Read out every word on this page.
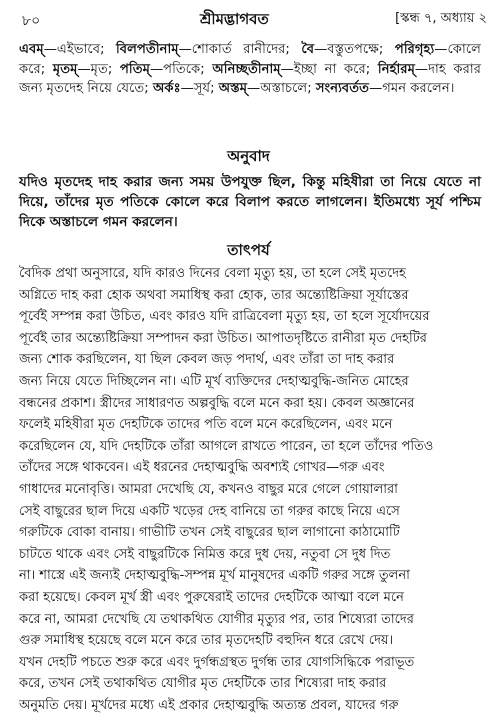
৮০	শ্রীমদ্ভাগবত	[স্কন্ধ ৭, অধ্যায় ২

এবম্—এইভাবে; বিলপতীনাম্—শোকার্ত রানীদের; বৈ—বস্তুতপক্ষে; পরিগৃহ্য—কোলে করে; মৃতম্—মৃত; পতিম্—পতিকে; অনিচ্ছতীনাম্—ইচ্ছা না করে; নির্হারম্—দাহ করার জন্য মৃতদেহ নিয়ে যেতে; অর্কঃ—সূর্য; অস্তম্—অস্তাচলে; সংন্যবর্তত—গমন করলেন।

অনুবাদ

যদিও মৃতদেহ দাহ করার জন্য সময় উপযুক্ত ছিল, কিন্তু মহিষীরা তা নিয়ে যেতে না দিয়ে, তাঁদের মৃত পতিকে কোলে করে বিলাপ করতে লাগলেন। ইতিমধ্যে সূর্য পশ্চিম দিকে অস্তাচলে গমন করলেন।

তাৎপর্য
বৈদিক প্রথা অনুসারে, যদি কারও দিনের বেলা মৃত্যু হয়, তা হলে সেই মৃতদেহ
অগ্নিতে দাহ করা হোক অথবা সমাধিস্থ করা হোক, তার অন্ত্যেষ্টিক্রিয়া সূর্যাস্তের
পূর্বেই সম্পন্ন করা উচিত, এবং কারও যদি রাত্রিবেলা মৃত্যু হয়, তা হলে সূর্যোদয়ের
পূর্বেই তার অন্ত্যেষ্টিক্রিয়া সম্পাদন করা উচিত। আপাতদৃষ্টিতে রানীরা মৃত দেহটির
জন্য শোক করছিলেন, যা ছিল কেবল জড় পদার্থ, এবং তাঁরা তা দাহ করার
জন্য নিয়ে যেতে দিচ্ছিলেন না। এটি মূর্খ ব্যক্তিদের দেহাত্মবুদ্ধি-জনিত মোহের
বন্ধনের প্রকাশ। স্ত্রীদের সাধারণত অল্পবুদ্ধি বলে মনে করা হয়। কেবল অজ্ঞানের
ফলেই মহিষীরা মৃত দেহটিকে তাদের পতি বলে মনে করেছিলেন, এবং মনে
করেছিলেন যে, যদি দেহটিকে তাঁরা আগলে রাখতে পারেন, তা হলে তাঁদের পতিও
তাঁদের সঙ্গে থাকবেন। এই ধরনের দেহাত্মবুদ্ধি অবশ্যই গোখর—গরু এবং
গাধাদের মনোবৃত্তি। আমরা দেখেছি যে, কখনও বাছুর মরে গেলে গোয়ালারা
সেই বাছুরের ছাল দিয়ে একটি খড়ের দেহ বানিয়ে তা গরুর কাছে নিয়ে এসে
গরুটিকে বোকা বানায়। গাভীটি তখন সেই বাছুরের ছাল লাগানো কাঠামোটি
চাটতে থাকে এবং সেই বাছুরটিকে নিমিত্ত করে দুধ দেয়, নতুবা সে দুধ দিত
না। শাস্ত্রে এই জন্যই দেহাত্মবুদ্ধি-সম্পন্ন মূর্খ মানুষদের একটি গরুর সঙ্গে তুলনা
করা হয়েছে। কেবল মূর্খ স্ত্রী এবং পুরুষেরাই তাদের দেহটিকে আত্মা বলে মনে
করে না, আমরা দেখেছি যে তথাকথিত যোগীর মৃত্যুর পর, তার শিষ্যেরা তাদের
গুরু সমাধিস্থ হয়েছে বলে মনে করে তার মৃতদেহটি বহুদিন ধরে রেখে দেয়।
যখন দেহটি পচতে শুরু করে এবং দুর্গন্ধগ্রস্থত দুর্গন্ধ তার যোগসিদ্ধিকে পরাভূত
করে, তখন সেই তথাকথিত যোগীর মৃত দেহটিকে তার শিষ্যেরা দাহ করার
অনুমতি দেয়। মূর্খদের মধ্যে এই প্রকার দেহাত্মবুদ্ধি অত্যন্ত প্রবল, যাদের গরু
